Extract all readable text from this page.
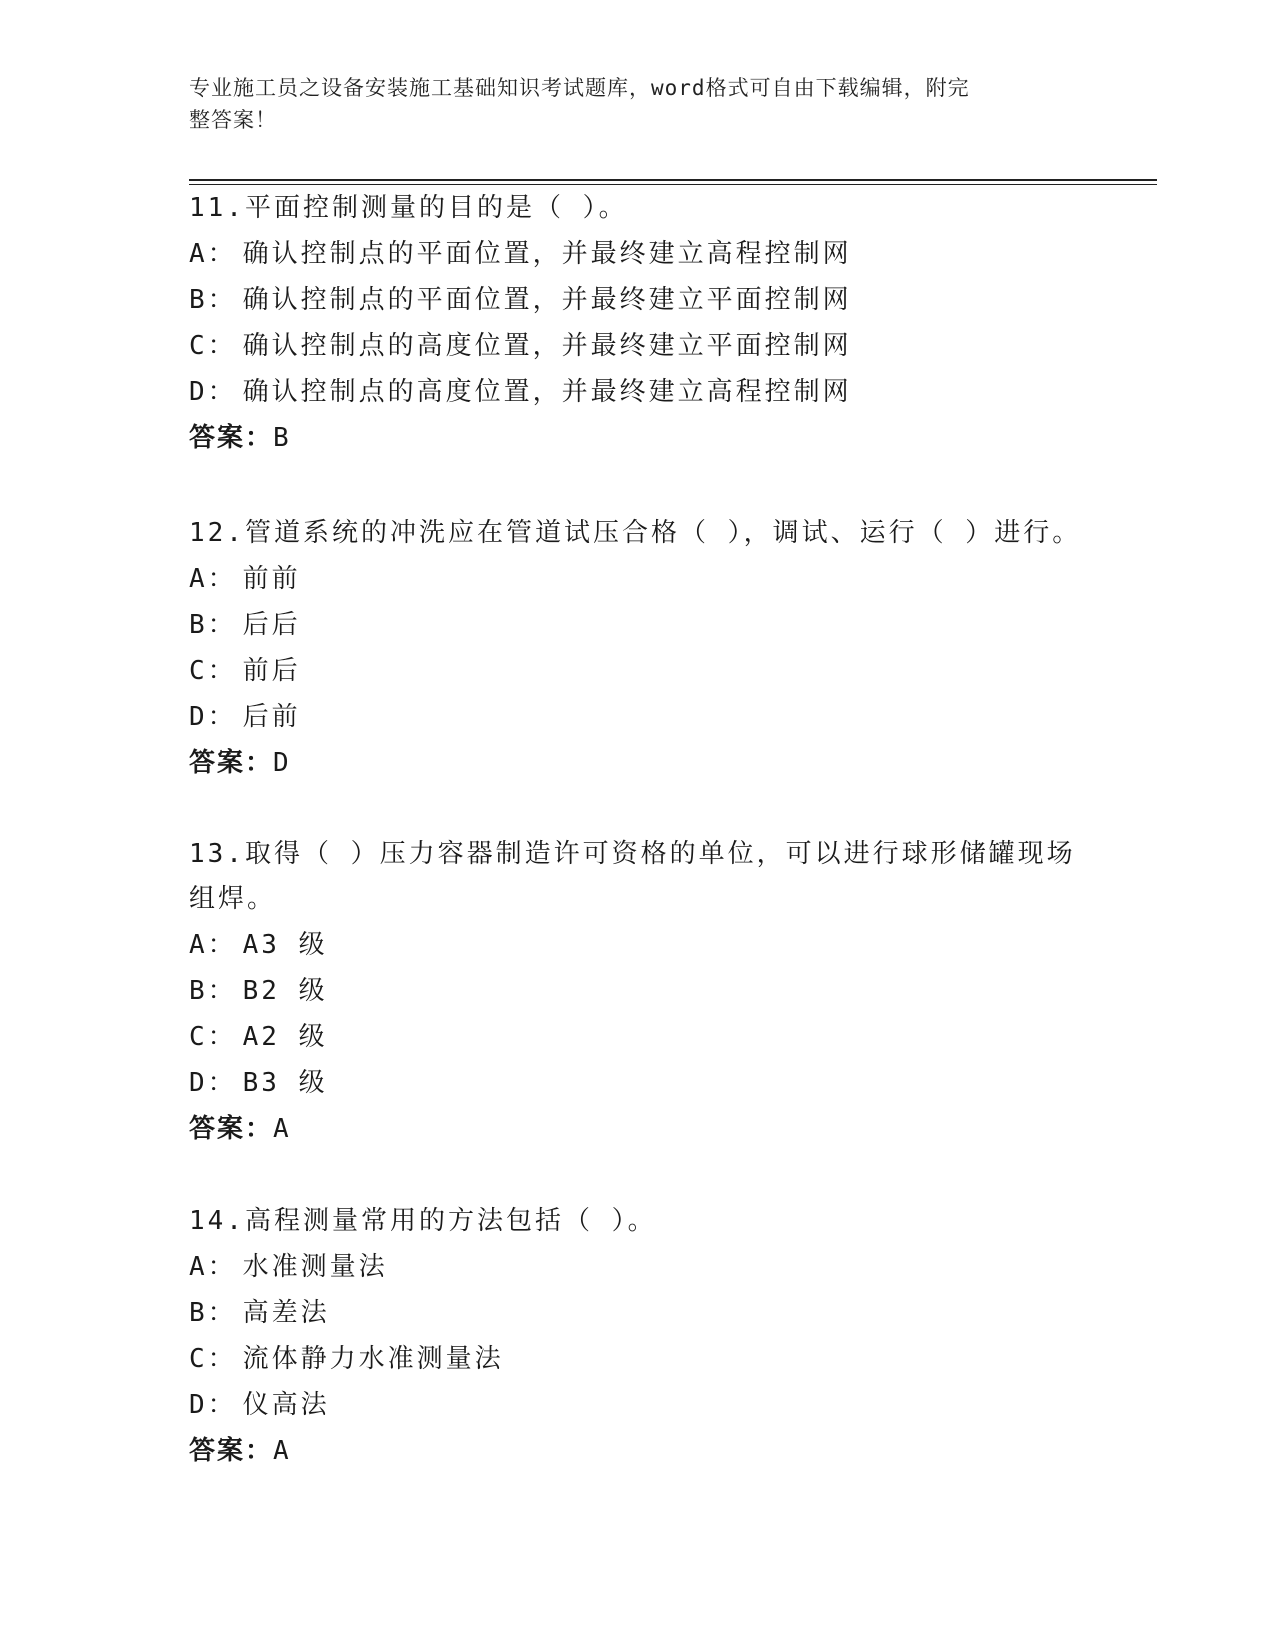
专业施工员之设备安装施工基础知识考试题库，word格式可自由下载编辑，附完
整答案！

11.平面控制测量的目的是（ ）。

A： 确认控制点的平面位置，并最终建立高程控制网

B： 确认控制点的平面位置，并最终建立平面控制网

C： 确认控制点的高度位置，并最终建立平面控制网

D： 确认控制点的高度位置，并最终建立高程控制网

答案：B

12.管道系统的冲洗应在管道试压合格（ ），调试、运行（ ）进行。

A： 前前

B： 后后

C： 前后

D： 后前

答案：D

13.取得（ ）压力容器制造许可资格的单位，可以进行球形储罐现场

组焊。

A： A3 级

B： B2 级

C： A2 级

D： B3 级

答案：A

14.高程测量常用的方法包括（ ）。

A： 水准测量法

B： 高差法

C： 流体静力水准测量法

D： 仪高法

答案：A
